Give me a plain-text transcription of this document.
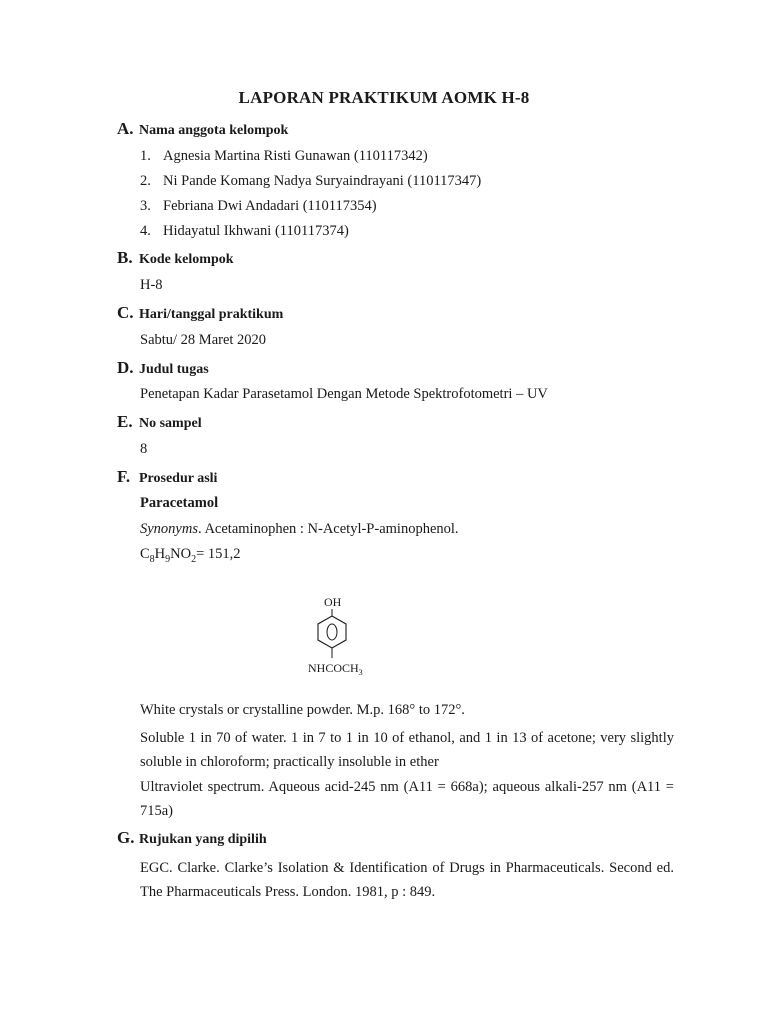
LAPORAN PRAKTIKUM AOMK H-8
A. Nama anggota kelompok
1. Agnesia Martina Risti Gunawan (110117342)
2. Ni Pande Komang Nadya Suryaindrayani (110117347)
3. Febriana Dwi Andadari (110117354)
4. Hidayatul Ikhwani (110117374)
B. Kode kelompok
H-8
C. Hari/tanggal praktikum
Sabtu/ 28 Maret 2020
D. Judul tugas
Penetapan Kadar Parasetamol Dengan Metode Spektrofotometri – UV
E. No sampel
8
F. Prosedur asli
Paracetamol
Synonyms. Acetaminophen : N-Acetyl-P-aminophenol.
$C_8H_9NO_2= 151,2$
OH
$NHCOCH_3$
White crystals or crystalline powder. M.p. 168° to 172°.
Soluble 1 in 70 of water. 1 in 7 to 1 in 10 of ethanol, and 1 in 13 of acetone; very slightly soluble in chloroform; practically insoluble in ether
Ultraviolet spectrum. Aqueous acid-245 nm (A11 = 668a); aqueous alkali-257 nm (A11 = 715a)
G. Rujukan yang dipilih
EGC. Clarke. Clarke’s Isolation & Identification of Drugs in Pharmaceuticals. Second ed. The Pharmaceuticals Press. London. 1981, p : 849.
